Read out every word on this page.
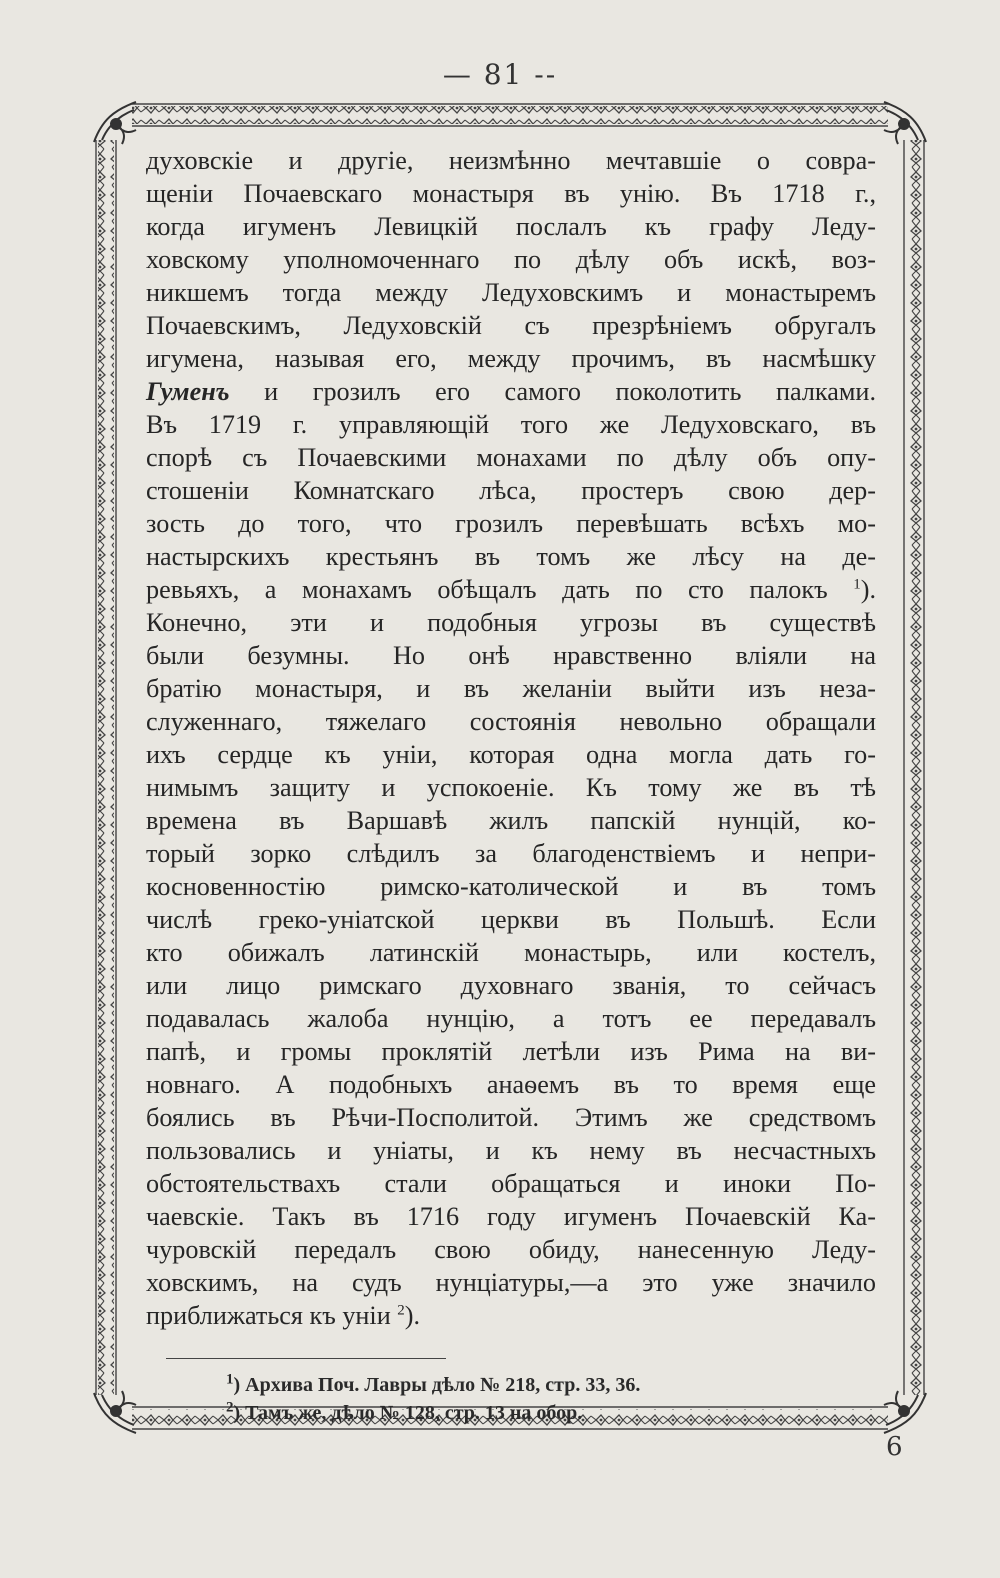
— 81 --
духовскіе и другіе, неизмѣнно мечтавшіе о совра-
щеніи Почаевскаго монастыря въ унію. Въ 1718 г.,
когда игуменъ Левицкій послалъ къ графу Леду-
ховскому уполномоченнаго по дѣлу объ искѣ, воз-
никшемъ тогда между Ледуховскимъ и монастыремъ
Почаевскимъ, Ледуховскій съ презрѣніемъ обругалъ
игумена, называя его, между прочимъ, въ насмѣшку
Гуменъ и грозилъ его самого поколотить палками.
Въ 1719 г. управляющій того же Ледуховскаго, въ
спорѣ съ Почаевскими монахами по дѣлу объ опу-
стошеніи Комнатскаго лѣса, простеръ свою дер-
зость до того, что грозилъ перевѣшать всѣхъ мо-
настырскихъ крестьянъ въ томъ же лѣсу на де-
ревьяхъ, а монахамъ обѣщалъ дать по сто палокъ $^1$).
Конечно, эти и подобныя угрозы въ существѣ
были безумны. Но онѣ нравственно вліяли на
братію монастыря, и въ желаніи выйти изъ неза-
служеннаго, тяжелаго состоянія невольно обращали
ихъ сердце къ уніи, которая одна могла дать го-
нимымъ защиту и успокоеніе. Къ тому же въ тѣ
времена въ Варшавѣ жилъ папскій нунцій, ко-
торый зорко слѣдилъ за благоденствіемъ и непри-
косновенностію римско-католической и въ томъ
числѣ греко-уніатской церкви въ Польшѣ. Если
кто обижалъ латинскій монастырь, или костелъ,
или лицо римскаго духовнаго званія, то сейчасъ
подавалась жалоба нунцію, а тотъ ее передавалъ
папѣ, и громы проклятій летѣли изъ Рима на ви-
новнаго. А подобныхъ анаѳемъ въ то время еще
боялись въ Рѣчи-Посполитой. Этимъ же средствомъ
пользовались и уніаты, и къ нему въ несчастныхъ
обстоятельствахъ стали обращаться и иноки По-
чаевскіе. Такъ въ 1716 году игуменъ Почаевскій Ка-
чуровскій передалъ свою обиду, нанесенную Леду-
ховскимъ, на судъ нунціатуры,—а это уже значило
приближаться къ уніи $^2$).
$^1$) Архива Поч. Лавры дѣло № 218, стр. 33, 36.
$^2$) Тамъ же, дѣло № 128, стр. 13 на обор.
6
